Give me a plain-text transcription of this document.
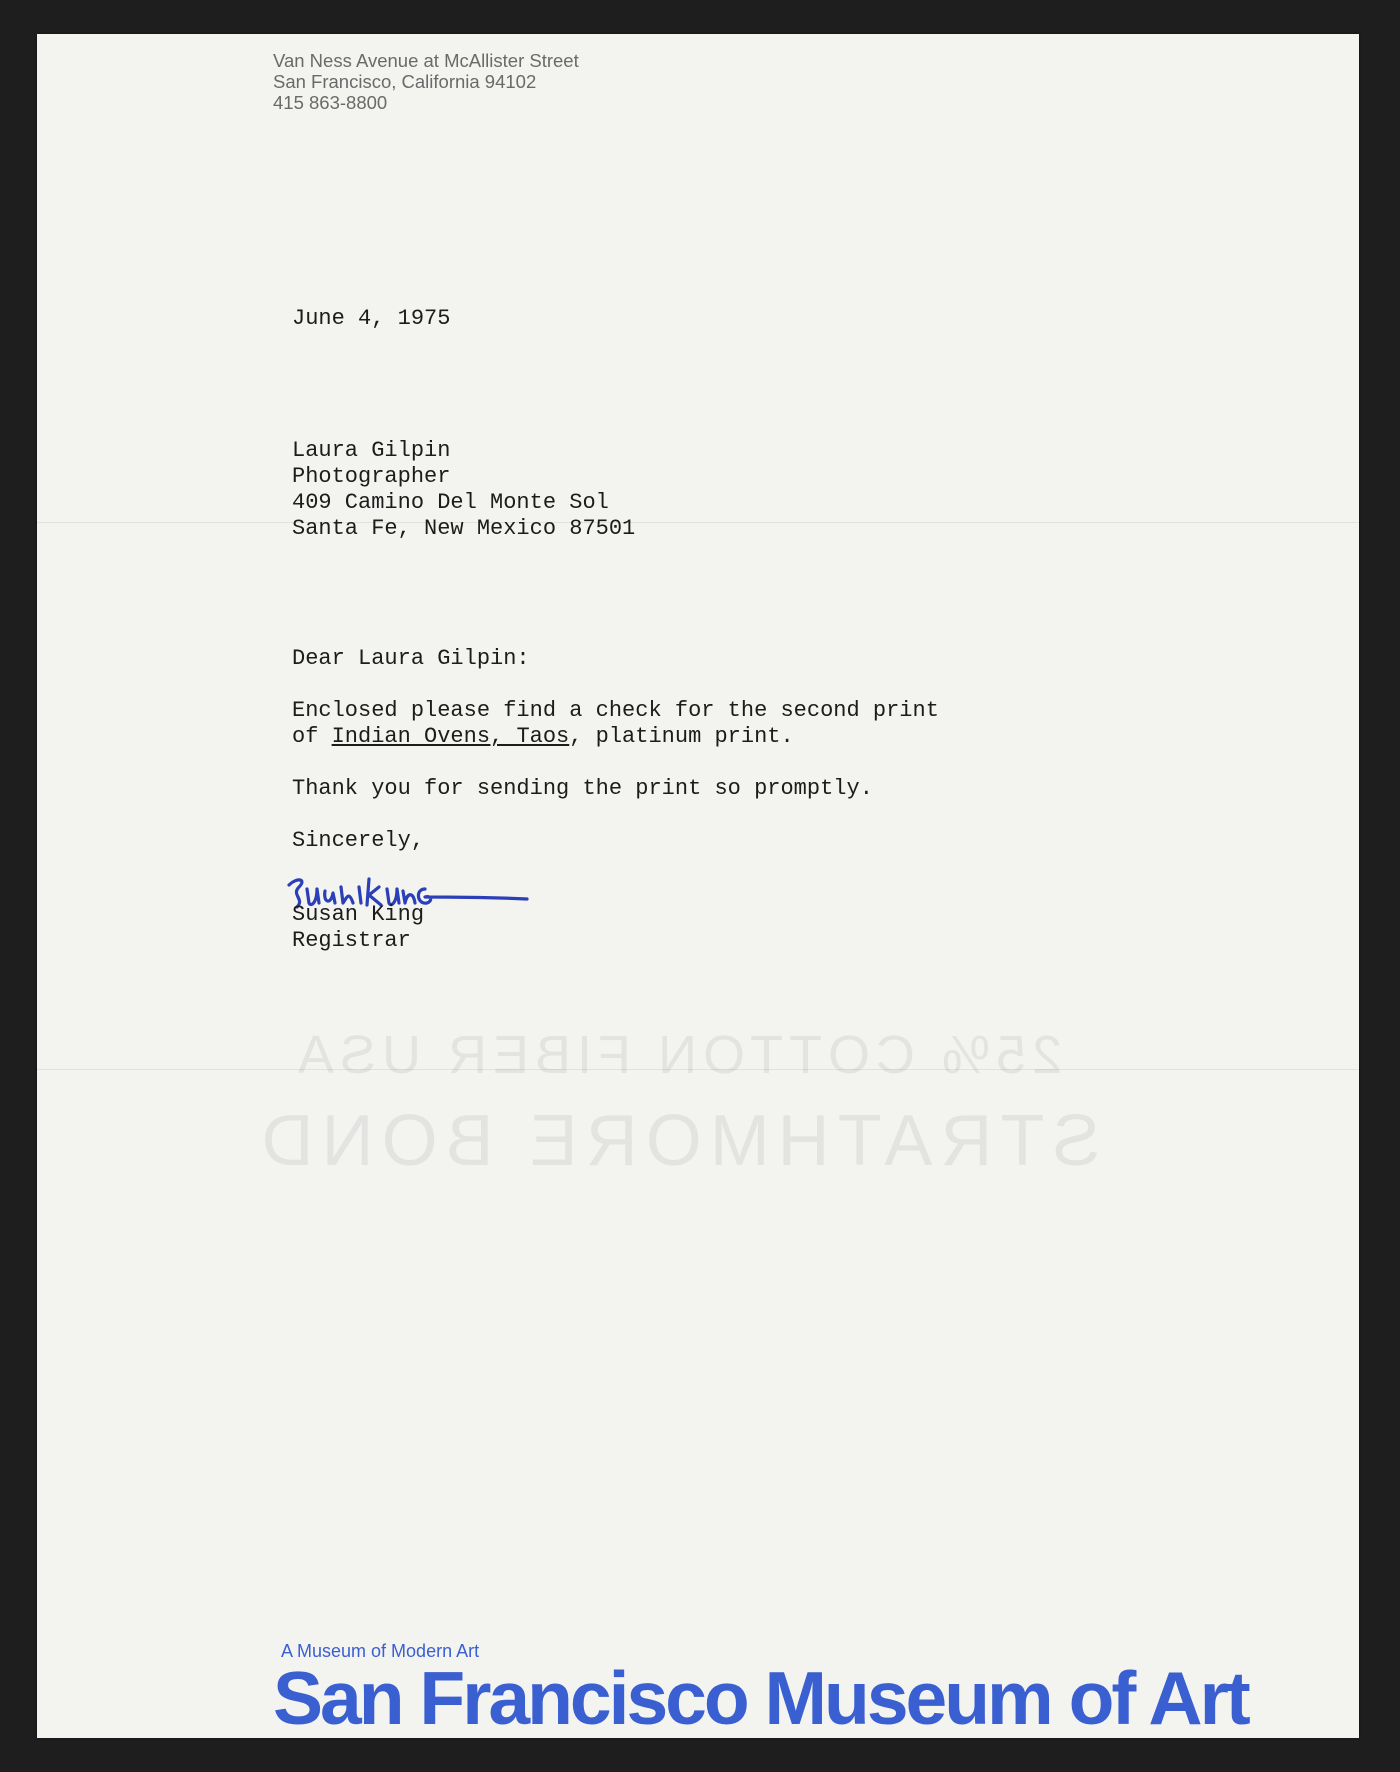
Van Ness Avenue at McAllister Street
San Francisco, California 94102
415 863-8800
June 4, 1975
Laura Gilpin
Photographer
409 Camino Del Monte Sol
Santa Fe, New Mexico 87501
Dear Laura Gilpin:
Enclosed please find a check for the second print
of Indian Ovens, Taos, platinum print.
Thank you for sending the print so promptly.
Sincerely,
Susan King
Registrar
25% COTTON FIBER USA
STRATHMORE BOND
A Museum of Modern Art
San Francisco Museum of Art
